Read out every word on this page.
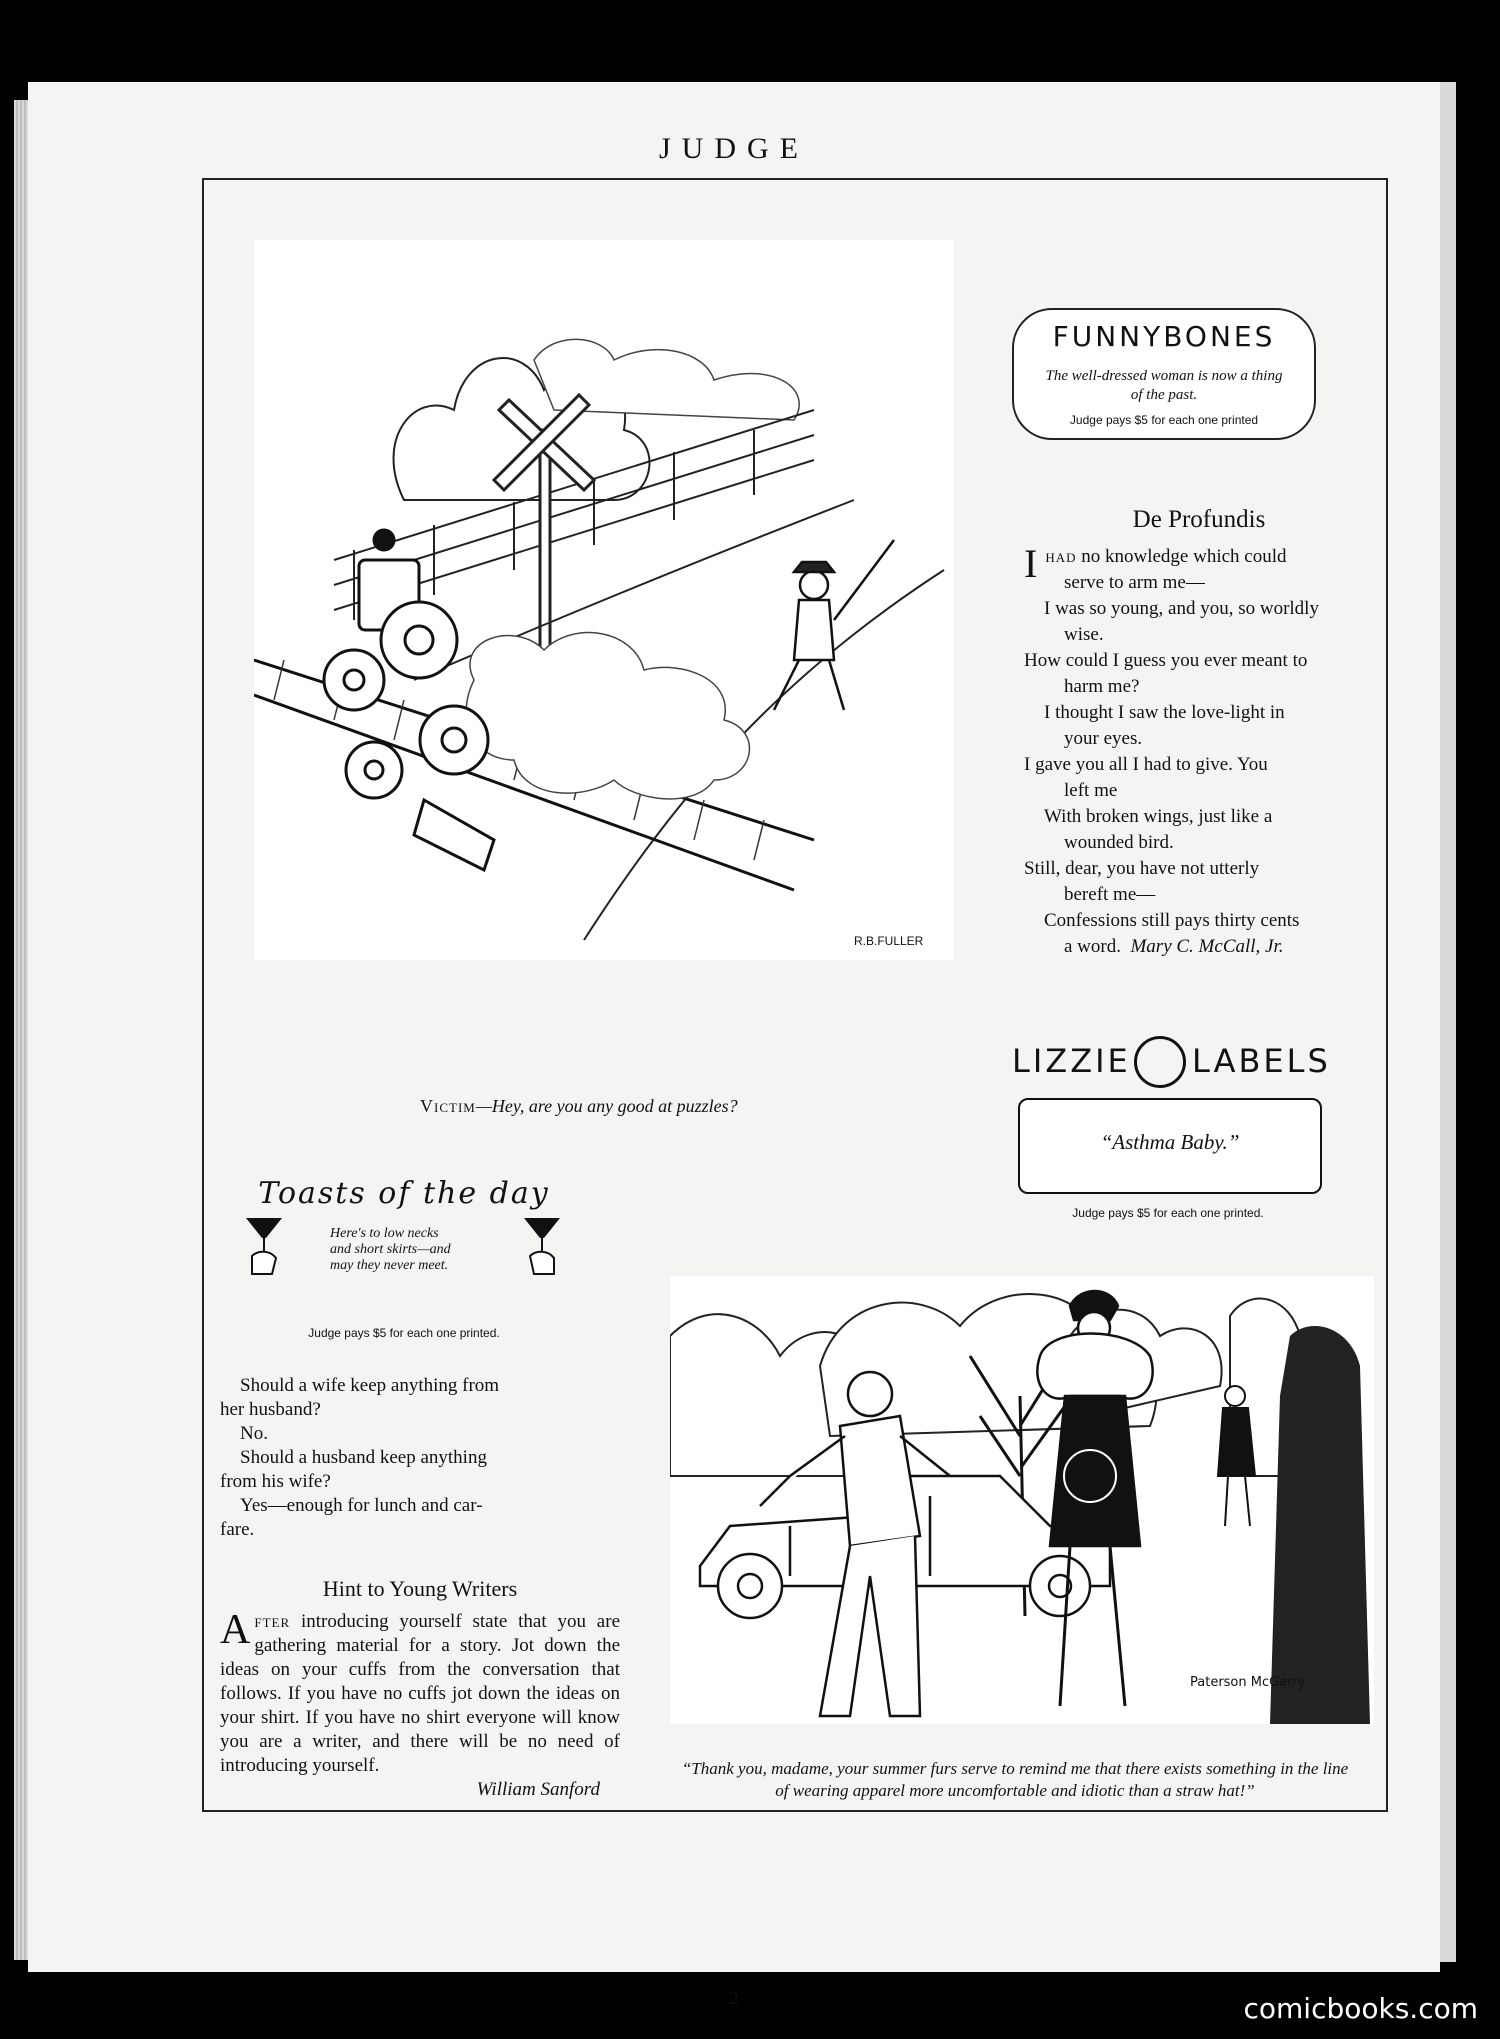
JUDGE
R.B.FULLER
Victim—Hey, are you any good at puzzles?
FUNNYBONES
The well-dressed woman is now a thing of the past.
Judge pays $5 for each one printed
De Profundis

Ihad no knowledge which could

serve to arm me—

I was so young, and you, so worldly

wise.

How could I guess you ever meant to

harm me?

I thought I saw the love-light in

your eyes.

I gave you all I had to give. You

left me

With broken wings, just like a

wounded bird.

Still, dear, you have not utterly

bereft me—

Confessions still pays thirty cents

a word. Mary C. McCall, Jr.

LIZZIE LABELS
“Asthma Baby.”
Judge pays $5 for each one printed.
Toasts of the day
Here's to low necks
and short skirts—and
may they never meet.
Judge pays $5 for each one printed.

Should a wife keep anything from

her husband?

No.

Should a husband keep anything

from his wife?

Yes—enough for lunch and car-

fare.

Hint to Young Writers

After introducing yourself state that you are gathering material for a story. Jot down the ideas on your cuffs from the conversation that follows. If you have no cuffs jot down the ideas on your shirt. If you have no shirt everyone will know you are a writer, and there will be no need of introducing yourself.

William Sanford

Paterson McGarry
“Thank you, madame, your summer furs serve to remind me that there exists something in the line of wearing apparel more uncomfortable and idiotic than a straw hat!”
2	comicbooks.com
